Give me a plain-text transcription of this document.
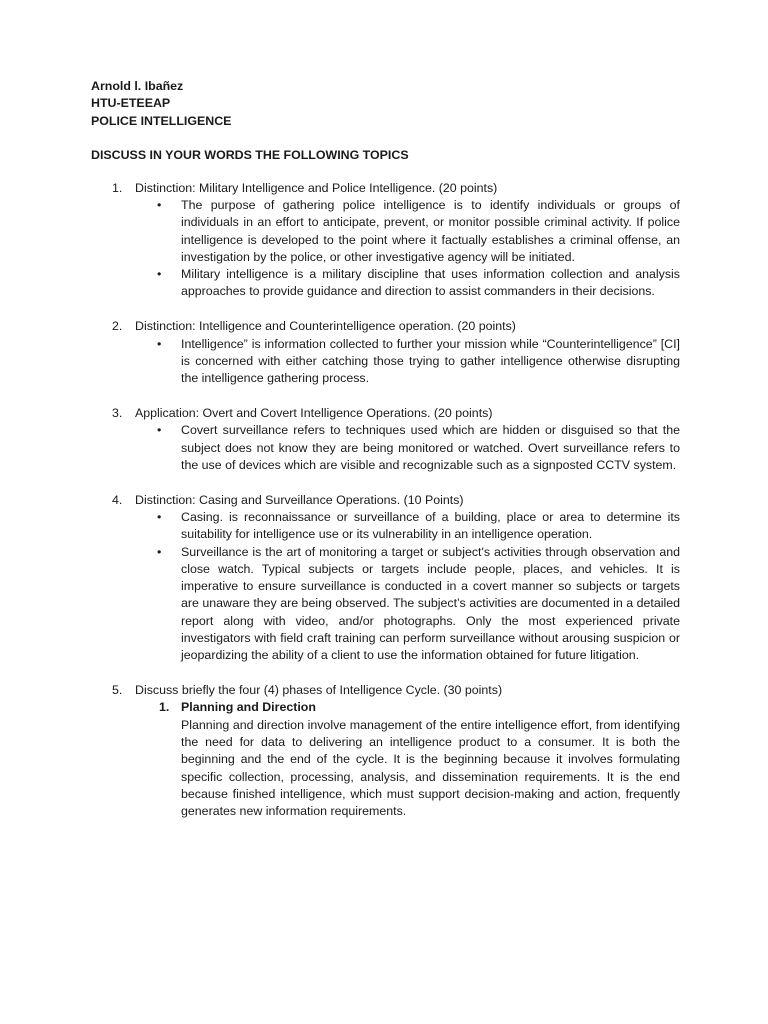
Arnold l. Ibañez

HTU-ETEEAP

POLICE INTELLIGENCE

DISCUSS IN YOUR WORDS THE FOLLOWING TOPICS

1. Distinction: Military Intelligence and Police Intelligence. (20 points)
• The purpose of gathering police intelligence is to identify individuals or groups of individuals in an effort to anticipate, prevent, or monitor possible criminal activity. If police intelligence is developed to the point where it factually establishes a criminal offense, an investigation by the police, or other investigative agency will be initiated.
• Military intelligence is a military discipline that uses information collection and analysis approaches to provide guidance and direction to assist commanders in their decisions.
2. Distinction: Intelligence and Counterintelligence operation. (20 points)
• Intelligence” is information collected to further your mission while “Counterintelligence” [CI] is concerned with either catching those trying to gather intelligence otherwise disrupting the intelligence gathering process.
3. Application: Overt and Covert Intelligence Operations. (20 points)
• Covert surveillance refers to techniques used which are hidden or disguised so that the subject does not know they are being monitored or watched. Overt surveillance refers to the use of devices which are visible and recognizable such as a signposted CCTV system.
4. Distinction: Casing and Surveillance Operations. (10 Points)
• Casing. is reconnaissance or surveillance of a building, place or area to determine its suitability for intelligence use or its vulnerability in an intelligence operation.
• Surveillance is the art of monitoring a target or subject's activities through observation and close watch. Typical subjects or targets include people, places, and vehicles. It is imperative to ensure surveillance is conducted in a covert manner so subjects or targets are unaware they are being observed. The subject’s activities are documented in a detailed report along with video, and/or photographs. Only the most experienced private investigators with field craft training can perform surveillance without arousing suspicion or jeopardizing the ability of a client to use the information obtained for future litigation.
5. Discuss briefly the four (4) phases of Intelligence Cycle. (30 points)
1. Planning and Direction
Planning and direction involve management of the entire intelligence effort, from identifying the need for data to delivering an intelligence product to a consumer. It is both the beginning and the end of the cycle. It is the beginning because it involves formulating specific collection, processing, analysis, and dissemination requirements. It is the end because finished intelligence, which must support decision-making and action, frequently generates new information requirements.
